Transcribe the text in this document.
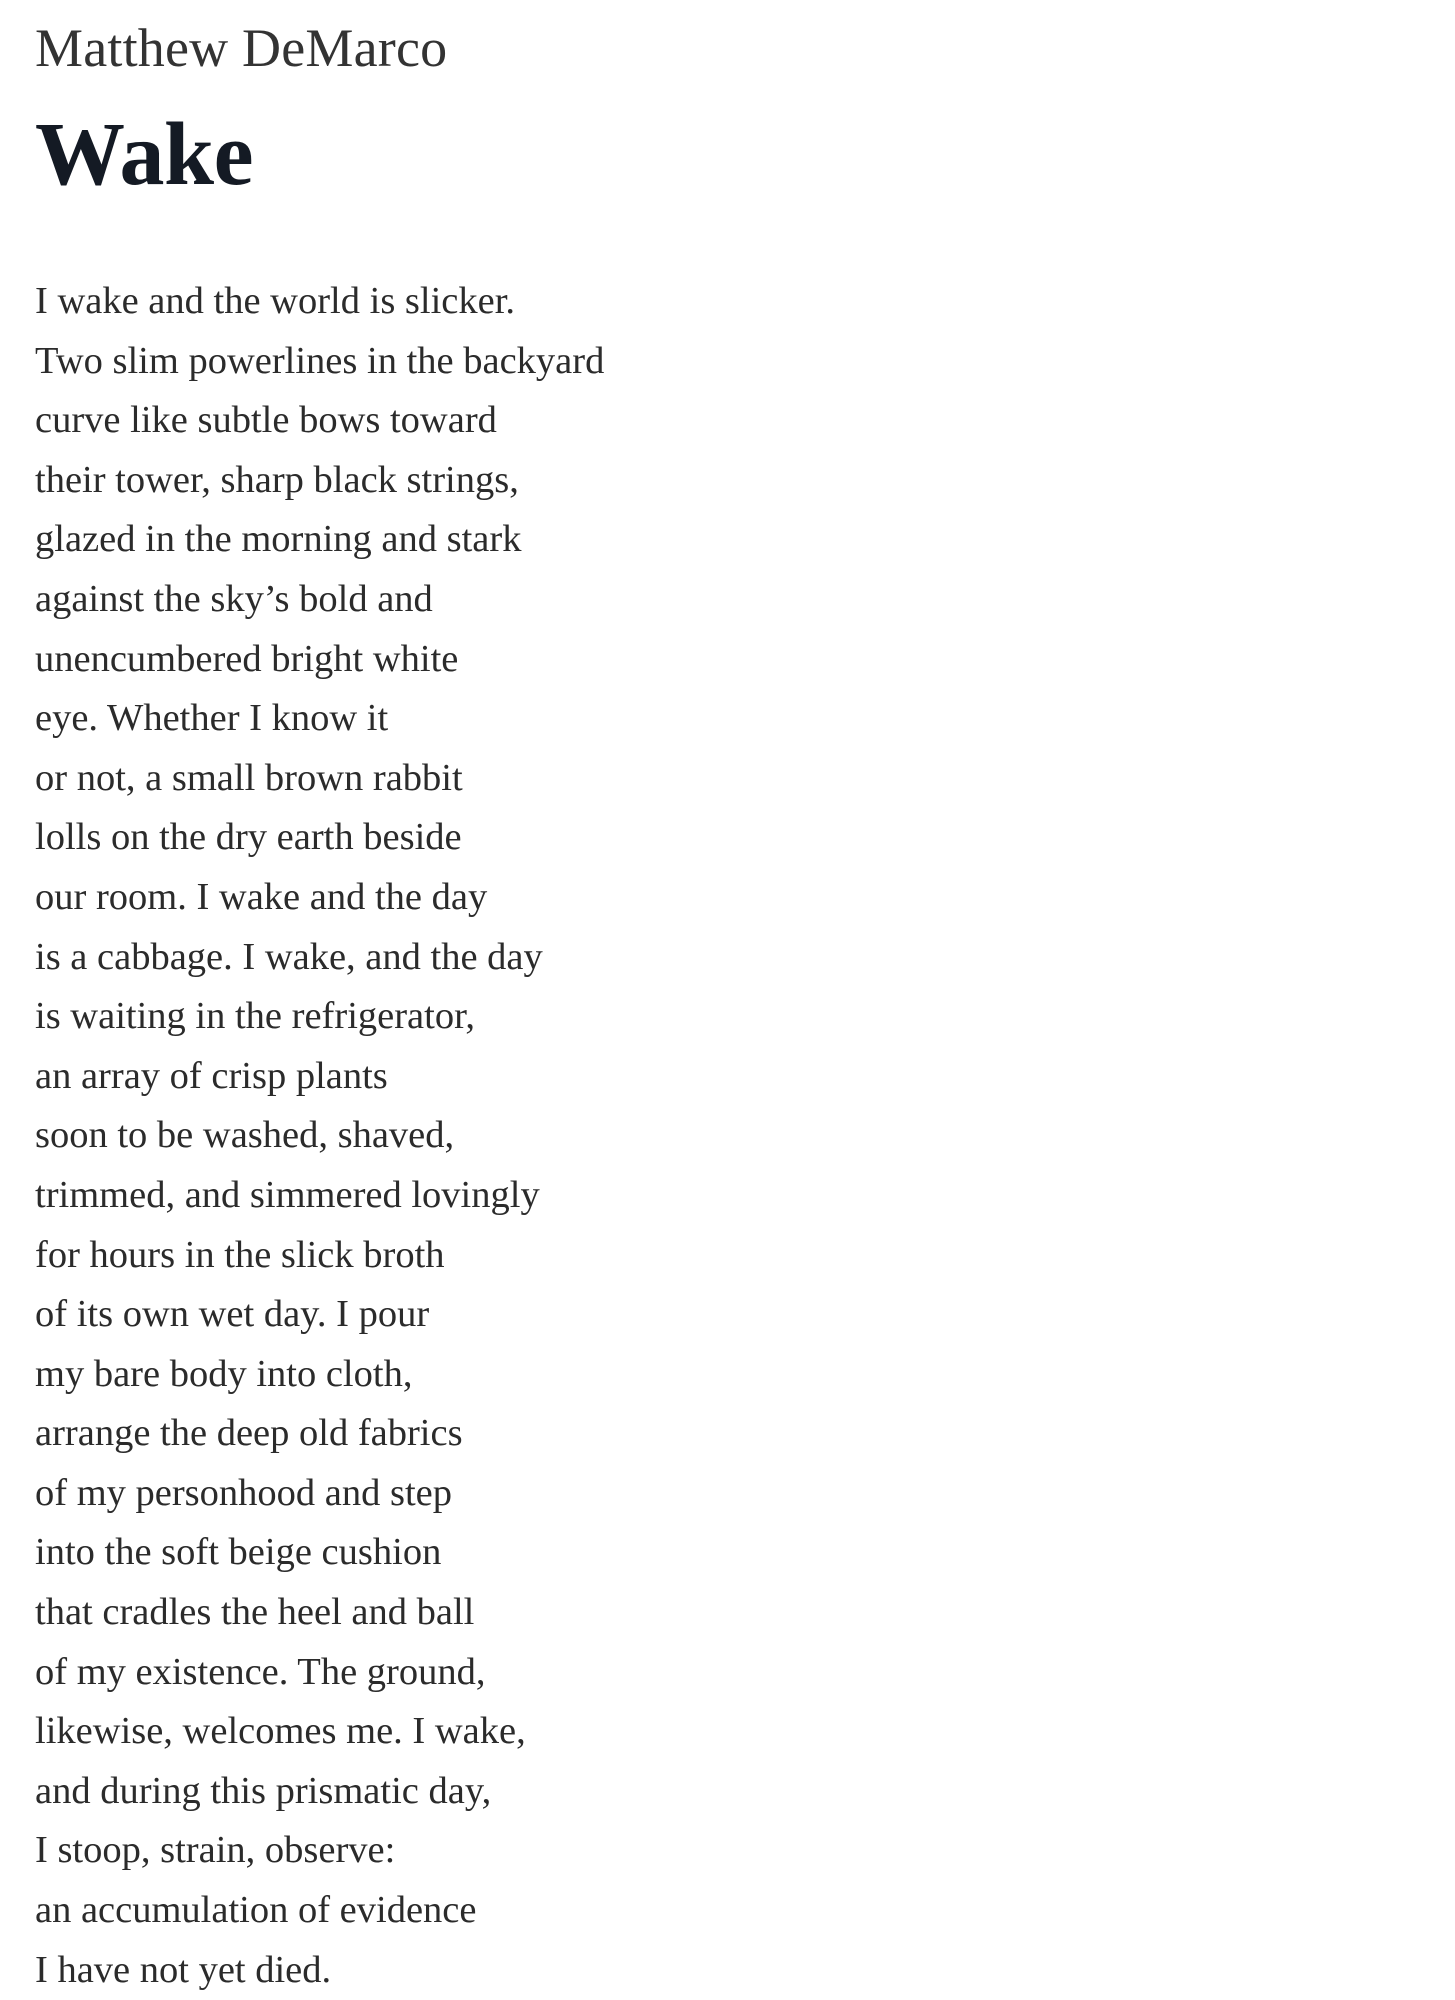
Matthew DeMarco
Wake
I wake and the world is slicker.
Two slim powerlines in the backyard
curve like subtle bows toward
their tower, sharp black strings,
glazed in the morning and stark
against the sky’s bold and
unencumbered bright white
eye. Whether I know it
or not, a small brown rabbit
lolls on the dry earth beside
our room. I wake and the day
is a cabbage. I wake, and the day
is waiting in the refrigerator,
an array of crisp plants
soon to be washed, shaved,
trimmed, and simmered lovingly
for hours in the slick broth
of its own wet day. I pour
my bare body into cloth,
arrange the deep old fabrics
of my personhood and step
into the soft beige cushion
that cradles the heel and ball
of my existence. The ground,
likewise, welcomes me. I wake,
and during this prismatic day,
I stoop, strain, observe:
an accumulation of evidence
I have not yet died.
